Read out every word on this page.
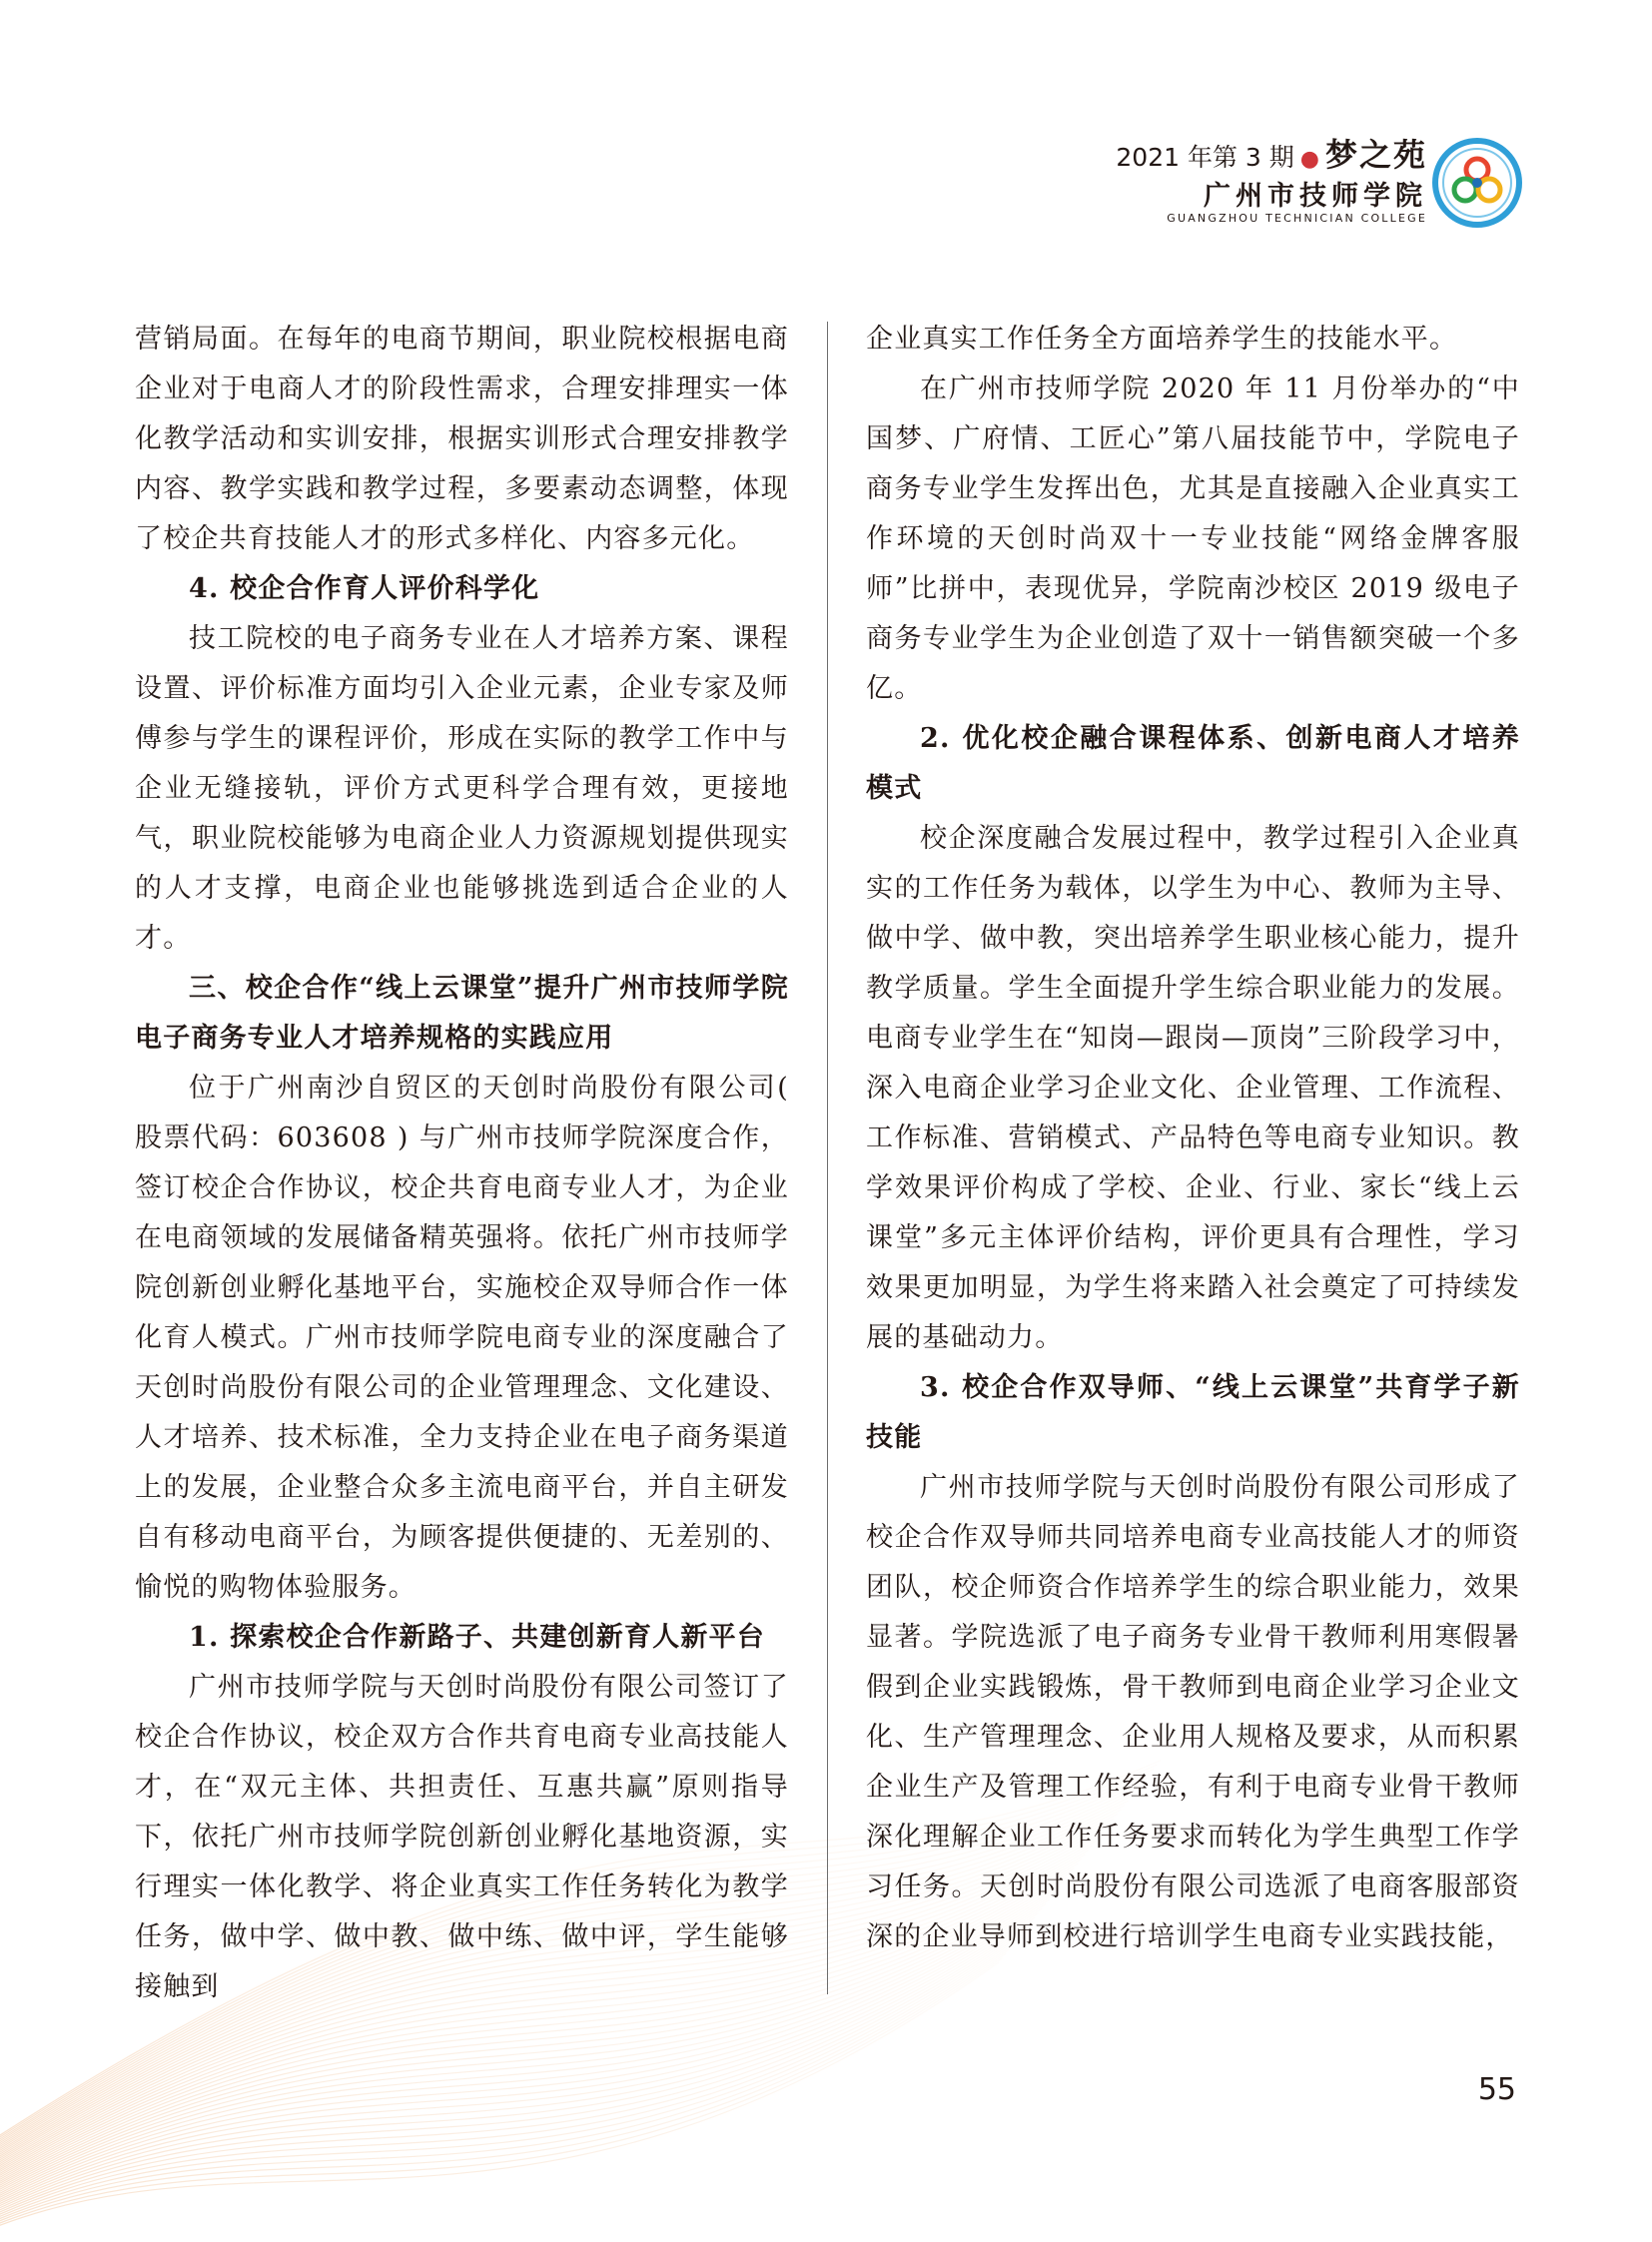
2021 年第 3 期 ● 梦之苑
广州市技师学院
GUANGZHOU TECHNICIAN COLLEGE

营销局面。在每年的电商节期间，职业院校根据电商企业对于电商人才的阶段性需求，合理安排理实一体化教学活动和实训安排，根据实训形式合理安排教学内容、教学实践和教学过程，多要素动态调整，体现了校企共育技能人才的形式多样化、内容多元化。

4. 校企合作育人评价科学化

技工院校的电子商务专业在人才培养方案、课程设置、评价标准方面均引入企业元素，企业专家及师傅参与学生的课程评价，形成在实际的教学工作中与企业无缝接轨，评价方式更科学合理有效，更接地气，职业院校能够为电商企业人力资源规划提供现实的人才支撑，电商企业也能够挑选到适合企业的人才。

三、校企合作“线上云课堂”提升广州市技师学院电子商务专业人才培养规格的实践应用

位于广州南沙自贸区的天创时尚股份有限公司( 股票代码：603608 ) 与广州市技师学院深度合作，签订校企合作协议，校企共育电商专业人才，为企业在电商领域的发展储备精英强将。依托广州市技师学院创新创业孵化基地平台，实施校企双导师合作一体化育人模式。广州市技师学院电商专业的深度融合了天创时尚股份有限公司的企业管理理念、文化建设、人才培养、技术标准，全力支持企业在电子商务渠道上的发展，企业整合众多主流电商平台，并自主研发自有移动电商平台，为顾客提供便捷的、无差别的、愉悦的购物体验服务。

1. 探索校企合作新路子、共建创新育人新平台

广州市技师学院与天创时尚股份有限公司签订了校企合作协议，校企双方合作共育电商专业高技能人才，在“双元主体、共担责任、互惠共赢”原则指导下，依托广州市技师学院创新创业孵化基地资源，实行理实一体化教学、将企业真实工作任务转化为教学任务，做中学、做中教、做中练、做中评，学生能够接触到

企业真实工作任务全方面培养学生的技能水平。

在广州市技师学院 2020 年 11 月份举办的“中国梦、广府情、工匠心”第八届技能节中，学院电子商务专业学生发挥出色，尤其是直接融入企业真实工作环境的天创时尚双十一专业技能“网络金牌客服师”比拼中，表现优异，学院南沙校区 2019 级电子商务专业学生为企业创造了双十一销售额突破一个多亿。

2. 优化校企融合课程体系、创新电商人才培养模式

校企深度融合发展过程中，教学过程引入企业真实的工作任务为载体，以学生为中心、教师为主导、做中学、做中教，突出培养学生职业核心能力，提升教学质量。学生全面提升学生综合职业能力的发展。电商专业学生在“知岗—跟岗—顶岗”三阶段学习中，深入电商企业学习企业文化、企业管理、工作流程、工作标准、营销模式、产品特色等电商专业知识。教学效果评价构成了学校、企业、行业、家长“线上云课堂”多元主体评价结构，评价更具有合理性，学习效果更加明显，为学生将来踏入社会奠定了可持续发展的基础动力。

3. 校企合作双导师、“线上云课堂”共育学子新技能

广州市技师学院与天创时尚股份有限公司形成了校企合作双导师共同培养电商专业高技能人才的师资团队，校企师资合作培养学生的综合职业能力，效果显著。学院选派了电子商务专业骨干教师利用寒假暑假到企业实践锻炼，骨干教师到电商企业学习企业文化、生产管理理念、企业用人规格及要求，从而积累企业生产及管理工作经验，有利于电商专业骨干教师深化理解企业工作任务要求而转化为学生典型工作学习任务。天创时尚股份有限公司选派了电商客服部资深的企业导师到校进行培训学生电商专业实践技能，

55
